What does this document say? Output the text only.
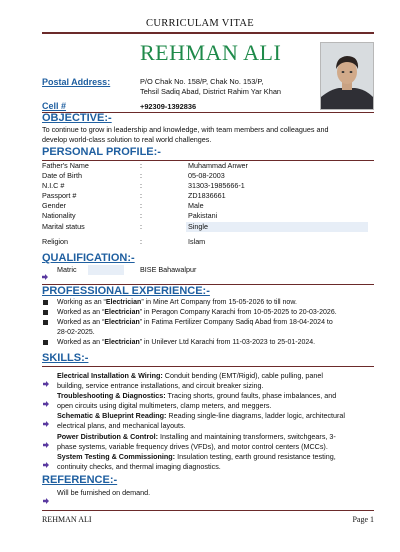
CURRICULAM VITAE
REHMAN ALI
Postal Address:	P/O Chak No. 158/P, Chak No. 153/P,
Tehsil Sadiq Abad, District Rahim Yar Khan
Cell #	+92309-1392836
OBJECTIVE:-
To continue to grow in leadership and knowledge, with team members and colleagues and
develop world-class solution to real world challenges.
PERSONAL PROFILE:-
Father's Name	:	Muhammad Anwer
Date of Birth	:	05-08-2003
N.I.C #	:	31303-1985666-1
Passport #	:	ZD1836661
Gender	:	Male
Nationality	:	Pakistani
Marital status	:	Single
Religion	:	Islam
QUALIFICATION:-
Matric	BISE Bahawalpur
PROFESSIONAL EXPERIENCE:-
Working as an “Electrician” in Mine Art Company from 15-05-2026 to till now.
Worked as an “Electrician” in Peragon Company Karachi from 10-05-2025 to 20-03-2026.
Worked as an “Electrician” in Fatima Fertilizer Company Sadiq Abad from 18-04-2024 to
28-02-2025.
Worked as an “Electrician” in Unilever Ltd Karachi from 11-03-2023 to 25-01-2024.
SKILLS:-
Electrical Installation & Wiring: Conduit bending (EMT/Rigid), cable pulling, panel
building, service entrance installations, and circuit breaker sizing.
Troubleshooting & Diagnostics: Tracing shorts, ground faults, phase imbalances, and
open circuits using digital multimeters, clamp meters, and meggers.
Schematic & Blueprint Reading: Reading single-line diagrams, ladder logic, architectural
electrical plans, and mechanical layouts.
Power Distribution & Control: Installing and maintaining transformers, switchgears, 3-
phase systems, variable frequency drives (VFDs), and motor control centers (MCCs).
System Testing & Commissioning: Insulation testing, earth ground resistance testing,
continuity checks, and thermal imaging diagnostics.
REFERENCE:-
Will be furnished on demand.
REHMAN ALI	Page 1
